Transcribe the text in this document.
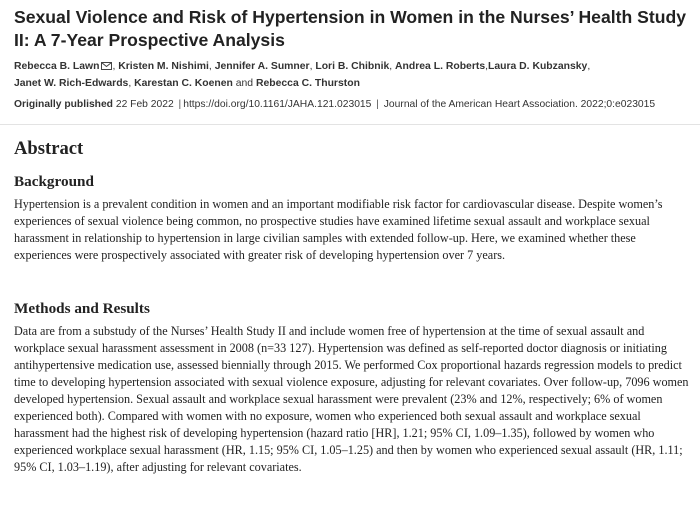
Sexual Violence and Risk of Hypertension in Women in the Nurses’ Health Study II: A 7‐Year Prospective Analysis
Rebecca B. Lawn , Kristen M. Nishimi, Jennifer A. Sumner, Lori B. Chibnik, Andrea L. Roberts,Laura D. Kubzansky,
Janet W. Rich-Edwards, Karestan C. Koenen and Rebecca C. Thurston
Originally published 22 Feb 2022 | https://doi.org/10.1161/JAHA.121.023015 | Journal of the American Heart Association. 2022;0:e023015
Abstract
Background
Hypertension is a prevalent condition in women and an important modifiable risk factor for cardiovascular disease. Despite women’s experiences of sexual violence being common, no prospective studies have examined lifetime sexual assault and workplace sexual harassment in relationship to hypertension in large civilian samples with extended follow‐up. Here, we examined whether these experiences were prospectively associated with greater risk of developing hypertension over 7 years.
Methods and Results
Data are from a substudy of the Nurses’ Health Study II and include women free of hypertension at the time of sexual assault and workplace sexual harassment assessment in 2008 (n=33 127). Hypertension was defined as self‐reported doctor diagnosis or initiating antihypertensive medication use, assessed biennially through 2015. We performed Cox proportional hazards regression models to predict time to developing hypertension associated with sexual violence exposure, adjusting for relevant covariates. Over follow‐up, 7096 women developed hypertension. Sexual assault and workplace sexual harassment were prevalent (23% and 12%, respectively; 6% of women experienced both). Compared with women with no exposure, women who experienced both sexual assault and workplace sexual harassment had the highest risk of developing hypertension (hazard ratio [HR], 1.21; 95% CI, 1.09–1.35), followed by women who experienced workplace sexual harassment (HR, 1.15; 95% CI, 1.05–1.25) and then by women who experienced sexual assault (HR, 1.11; 95% CI, 1.03–1.19), after adjusting for relevant covariates.
